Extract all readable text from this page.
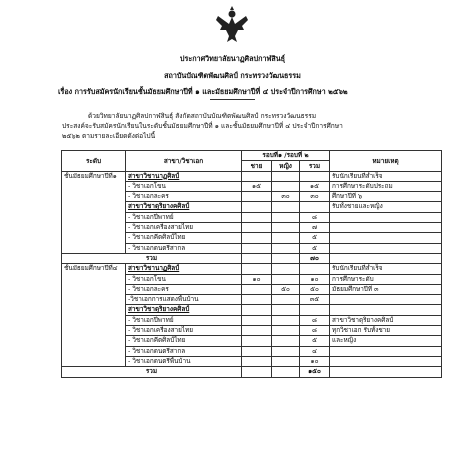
ประกาศวิทยาลัยนาฏศิลปกาฬสินธุ์
สถาบันบัณฑิตพัฒนศิลป์ กระทรวงวัฒนธรรม
เรื่อง การรับสมัครนักเรียนชั้นมัธยมศึกษาปีที่ ๑ และมัธยมศึกษาปีที่ ๔ ประจำปีการศึกษา ๒๕๖๒
ด้วยวิทยาลัยนาฏศิลปกาฬสินธุ์ สังกัดสถาบันบัณฑิตพัฒนศิลป์ กระทรวงวัฒนธรรม
ประสงค์จะรับสมัครนักเรียนในระดับชั้นมัธยมศึกษาปีที่ ๑ และชั้นมัธยมศึกษาปีที่ ๔ ประจำปีการศึกษา
๒๕๖๒ ตามรายละเอียดดังต่อไปนี้
ระดับ	สาขา/วิชาเอก	รอบที่๑ /รอบที่ ๒			หมายเหตุ
		ชาย	หญิง	รวม	
ชั้นมัธยมศึกษาปีที่๑	สาขาวิชานาฏศิลป์				รับนักเรียนที่สำเร็จ
	- วิชาเอกโขน	๑๕		๑๕	การศึกษาระดับประถม
	- วิชาเอกละคร		๓๐	๓๐	ศึกษาปีที่ ๖
	สาขาวิชาดุริยางคศิลป์				รับทั้งชายและหญิง
	- วิชาเอกปี่พาทย์			๘	
	- วิชาเอกเครื่องสายไทย			๗	
	- วิชาเอกคีตศิลป์ไทย			๕	
	- วิชาเอกดนตรีสากล			๕	
รวม				๗๐	
ชั้นมัธยมศึกษาปีที่๔	สาขาวิชานาฏศิลป์				รับนักเรียนที่สำเร็จ
	- วิชาเอกโขน	๑๐		๑๐	การศึกษาระดับ
	- วิชาเอกละคร		๕๐	๕๐	มัธยมศึกษาปีที่ ๓
	-วิชาเอกการแสดงพื้นบ้าน			๓๕	
	สาขาวิชาดุริยางคศิลป์				
	- วิชาเอกปี่พาทย์			๘	สาขาวิชาดุริยางคศิลป์
	- วิชาเอกเครื่องสายไทย			๘	ทุกวิชาเอก รับทั้งชาย
	- วิชาเอกคีตศิลป์ไทย			๕	และหญิง
	- วิชาเอกดนตรีสากล			๔	
	- วิชาเอกดนตรีพื้นบ้าน			๑๐	
รวม				๑๕๐	
